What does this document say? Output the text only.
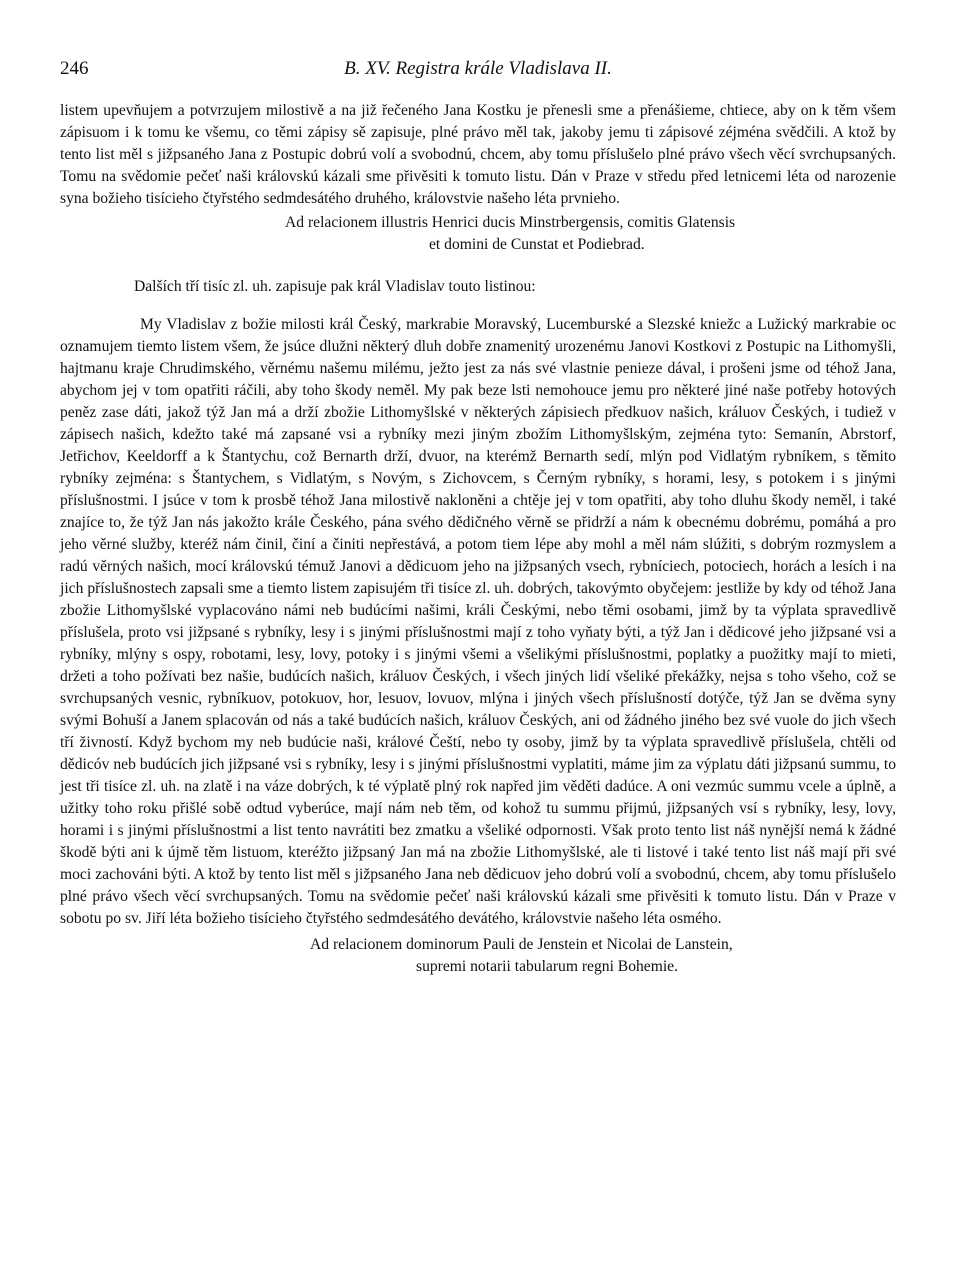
246	B. XV. Registra krále Vladislava II.

listem upevňujem a potvrzujem milostivě a na již řečeného Jana Kostku je přenesli sme a přenášieme, chtiece, aby on k těm všem zápisuom i k tomu ke všemu, co těmi zápisy sě zapisuje, plné právo měl tak, jakoby jemu ti zápisové zéjména svědčili. A ktož by tento list měl s jižpsaného Jana z Postupic dobrú volí a svobodnú, chcem, aby tomu příslušelo plné právo všech věcí svrchupsaných. Tomu na svědomie pečeť naši královskú kázali sme přivěsiti k tomuto listu. Dán v Praze v středu před letnicemi léta od narozenie syna božieho tisícieho čtyřstého sedmdesátého druhého, královstvie našeho léta prvnieho.

Ad relacionem illustris Henrici ducis Minstrbergensis, comitis Glatensis
et domini de Cunstat et Podiebrad.
Dalších tří tisíc zl. uh. zapisuje pak král Vladislav touto listinou:

My Vladislav z božie milosti král Český, markrabie Moravský, Lucemburské a Slezské kniežc a Lužický markrabie oc oznamujem tiemto listem všem, že jsúce dlužni některý dluh dobře znamenitý urozenému Janovi Kostkovi z Postupic na Lithomyšli, hajtmanu kraje Chrudimského, věrnému našemu milému, ježto jest za nás své vlastnie penieze dával, i prošeni jsme od téhož Jana, abychom jej v tom opatřiti ráčili, aby toho škody neměl. My pak beze lsti nemohouce jemu pro některé jiné naše potřeby hotových peněz zase dáti, jakož týž Jan má a drží zbožie Lithomyšlské v některých zápisiech předkuov našich, králuov Českých, i tudiež v zápisech našich, kdežto také má zapsané vsi a rybníky mezi jiným zbožím Lithomyšlským, zejména tyto: Semanín, Abrstorf, Jetřichov, Keeldorff a k Štantychu, což Bernarth drží, dvuor, na kterémž Bernarth sedí, mlýn pod Vidlatým rybníkem, s těmito rybníky zejména: s Štantychem, s Vidlatým, s Novým, s Zichovcem, s Černým rybníky, s horami, lesy, s potokem i s jinými příslušnostmi. I jsúce v tom k prosbě téhož Jana milostivě nakloněni a chtěje jej v tom opatřiti, aby toho dluhu škody neměl, i také znajíce to, že týž Jan nás jakožto krále Českého, pána svého dědičného věrně se přidrží a nám k obecnému dobrému, pomáhá a pro jeho věrné služby, kteréž nám činil, činí a činiti nepřestává, a potom tiem lépe aby mohl a měl nám slúžiti, s dobrým rozmyslem a radú věrných našich, mocí královskú témuž Janovi a dědicuom jeho na jižpsaných vsech, rybníciech, potociech, horách a lesích i na jich příslušnostech zapsali sme a tiemto listem zapisujém tři tisíce zl. uh. dobrých, takovýmto obyčejem: jestliže by kdy od téhož Jana zbožie Lithomyšlské vyplacováno námi neb budúcími našimi, králi Českými, nebo těmi osobami, jimž by ta výplata spravedlivě příslušela, proto vsi jižpsané s rybníky, lesy i s jinými příslušnostmi mají z toho vyňaty býti, a týž Jan i dědicové jeho jižpsané vsi a rybníky, mlýny s ospy, robotami, lesy, lovy, potoky i s jinými všemi a všelikými příslušnostmi, poplatky a puožitky mají to mieti, držeti a toho požívati bez našie, budúcích našich, králuov Českých, i všech jiných lidí všeliké překážky, nejsa s toho všeho, což se svrchupsaných vesnic, rybníkuov, potokuov, hor, lesuov, lovuov, mlýna i jiných všech příslušností dotýče, týž Jan se dvěma syny svými Bohuší a Janem splacován od nás a také budúcích našich, králuov Českých, ani od žádného jiného bez své vuole do jich všech tří živností. Když bychom my neb budúcie naši, králové Čeští, nebo ty osoby, jimž by ta výplata spravedlivě příslušela, chtěli od dědicóv neb budúcích jich jižpsané vsi s rybníky, lesy i s jinými příslušnostmi vyplatiti, máme jim za výplatu dáti jižpsanú summu, to jest tři tisíce zl. uh. na zlatě i na váze dobrých, k té výplatě plný rok napřed jim věděti dadúce. A oni vezmúc summu vcele a úplně, a užitky toho roku přišlé sobě odtud vyberúce, mají nám neb těm, od kohož tu summu přijmú, jižpsaných vsí s rybníky, lesy, lovy, horami i s jinými příslušnostmi a list tento navrátiti bez zmatku a všeliké odpornosti. Však proto tento list náš nynější nemá k žádné škodě býti ani k újmě těm listuom, kteréžto jižpsaný Jan má na zbožie Lithomyšlské, ale ti listové i také tento list náš mají při své moci zachováni býti. A ktož by tento list měl s jižpsaného Jana neb dědicuov jeho dobrú volí a svobodnú, chcem, aby tomu příslušelo plné právo všech věcí svrchupsaných. Tomu na svědomie pečeť naši královskú kázali sme přivěsiti k tomuto listu. Dán v Praze v sobotu po sv. Jiří léta božieho tisícieho čtyřstého sedmdesátého devátého, královstvie našeho léta osmého.

Ad relacionem dominorum Pauli de Jenstein et Nicolai de Lanstein,
supremi notarii tabularum regni Bohemie.
